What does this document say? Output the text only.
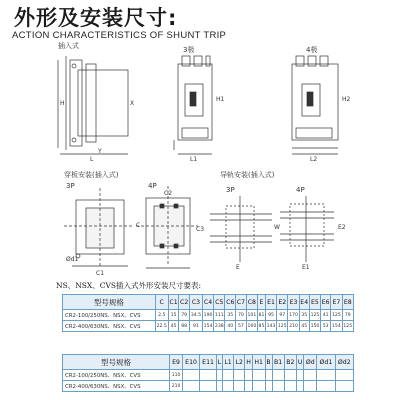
外形及安装尺寸:
ACTION CHARACTERISTICS OF SHUNT TRIP
插入式	3极	4极
穿板安装(插入式)	导轨安装(插入式)
3P	4P	3P	4P
H	X
Y
L
H1
L1
H2
L2
C
C1
C2
C3
Ød1
E	E1
E2
W
NS、NSX、CVS插入式外形安装尺寸要表:
型号规格	C	C1	C2	C3	C4	C5	C6	C7	C8	E	E1	E2	E3	E4	E5	E6	E7	E8
CR2-100/250NS、NSX、CVS	2.5	15	79	34.5	190	111	35	70	101	81	95	97	170	35	125	41	125	79
CR2-400/630NS、NSX、CVS	22.5	45	88	91	154	238	40	57	160	85	143	125	210	45	150	53	154	125
型号规格	E9	E10	E11	L	L1	L2	H	H1	B	B1	B2	U	Ød	Ød1	Ød2
CR2-100/250NS、NSX、CVS	110														
CR2-400/630NS、NSX、CVS	210														
